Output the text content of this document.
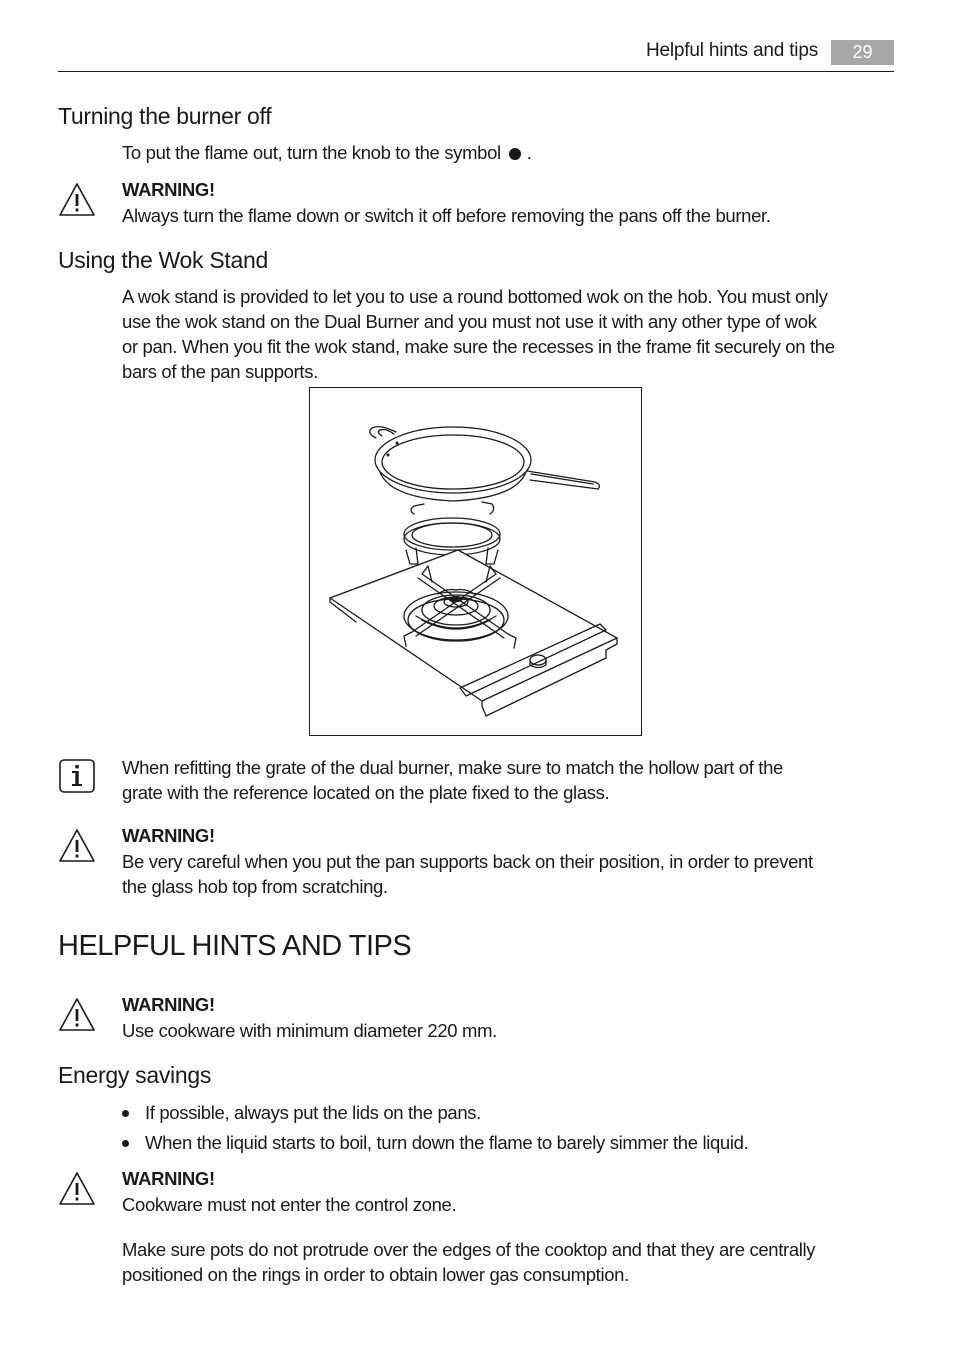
Helpful hints and tips	29
Turning the burner off
To put the flame out, turn the knob to the symbol .
WARNING!
Always turn the flame down or switch it off before removing the pans off the burner.
Using the Wok Stand
A wok stand is provided to let you to use a round bottomed wok on the hob. You must only
use the wok stand on the Dual Burner and you must not use it with any other type of wok
or pan. When you fit the wok stand, make sure the recesses in the frame fit securely on the
bars of the pan supports.
When refitting the grate of the dual burner, make sure to match the hollow part of the
grate with the reference located on the plate fixed to the glass.
WARNING!
Be very careful when you put the pan supports back on their position, in order to prevent
the glass hob top from scratching.
HELPFUL HINTS AND TIPS
WARNING!
Use cookware with minimum diameter 220 mm.
Energy savings
If possible, always put the lids on the pans.
When the liquid starts to boil, turn down the flame to barely simmer the liquid.
WARNING!
Cookware must not enter the control zone.
Make sure pots do not protrude over the edges of the cooktop and that they are centrally
positioned on the rings in order to obtain lower gas consumption.
